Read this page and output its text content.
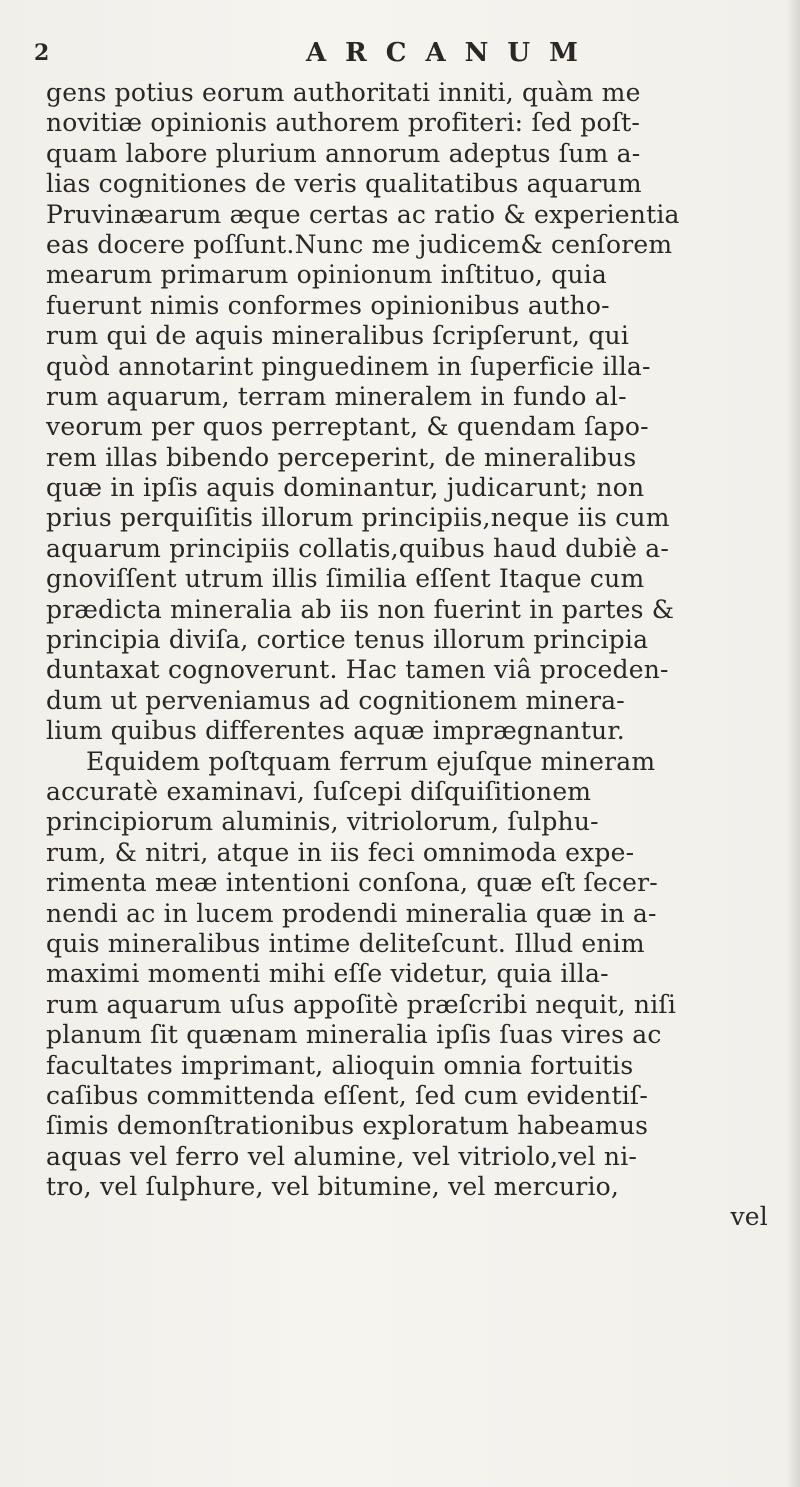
2	ARCANUM
gens potius eorum authoritati inniti, quàm me
novitiæ opinionis authorem profiteri: ſed poſt-
quam labore plurium annorum adeptus ſum a-
lias cognitiones de veris qualitatibus aquarum
Pruvinæarum æque certas ac ratio & experientia
eas docere poſſunt.Nunc me judicem& cenſorem
mearum primarum opinionum inſtituo, quia
fuerunt nimis conformes opinionibus autho-
rum qui de aquis mineralibus ſcripſerunt, qui
quòd annotarint pinguedinem in ſuperficie illa-
rum aquarum, terram mineralem in fundo al-
veorum per quos perreptant, & quendam ſapo-
rem illas bibendo perceperint, de mineralibus
quæ in ipſis aquis dominantur, judicarunt; non
prius perquiſitis illorum principiis,neque iis cum
aquarum principiis collatis,quibus haud dubiè a-
gnoviſſent utrum illis ſimilia eſſent Itaque cum
prædicta mineralia ab iis non fuerint in partes &
principia diviſa, cortice tenus illorum principia
duntaxat cognoverunt. Hac tamen viâ proceden-
dum ut perveniamus ad cognitionem minera-
lium quibus differentes aquæ imprægnantur.
Equidem poſtquam ferrum ejuſque mineram
accuratè examinavi, ſuſcepi diſquiſitionem
principiorum aluminis, vitriolorum, ſulphu-
rum, & nitri, atque in iis feci omnimoda expe-
rimenta meæ intentioni conſona, quæ eſt ſecer-
nendi ac in lucem prodendi mineralia quæ in a-
quis mineralibus intime deliteſcunt. Illud enim
maximi momenti mihi eſſe videtur, quia illa-
rum aquarum uſus appoſitè præſcribi nequit, niſi
planum ſit quænam mineralia ipſis ſuas vires ac
facultates imprimant, alioquin omnia fortuitis
caſibus committenda eſſent, ſed cum evidentiſ-
ſimis demonſtrationibus exploratum habeamus
aquas vel ferro vel alumine, vel vitriolo,vel ni-
tro, vel ſulphure, vel bitumine, vel mercurio,
vel
